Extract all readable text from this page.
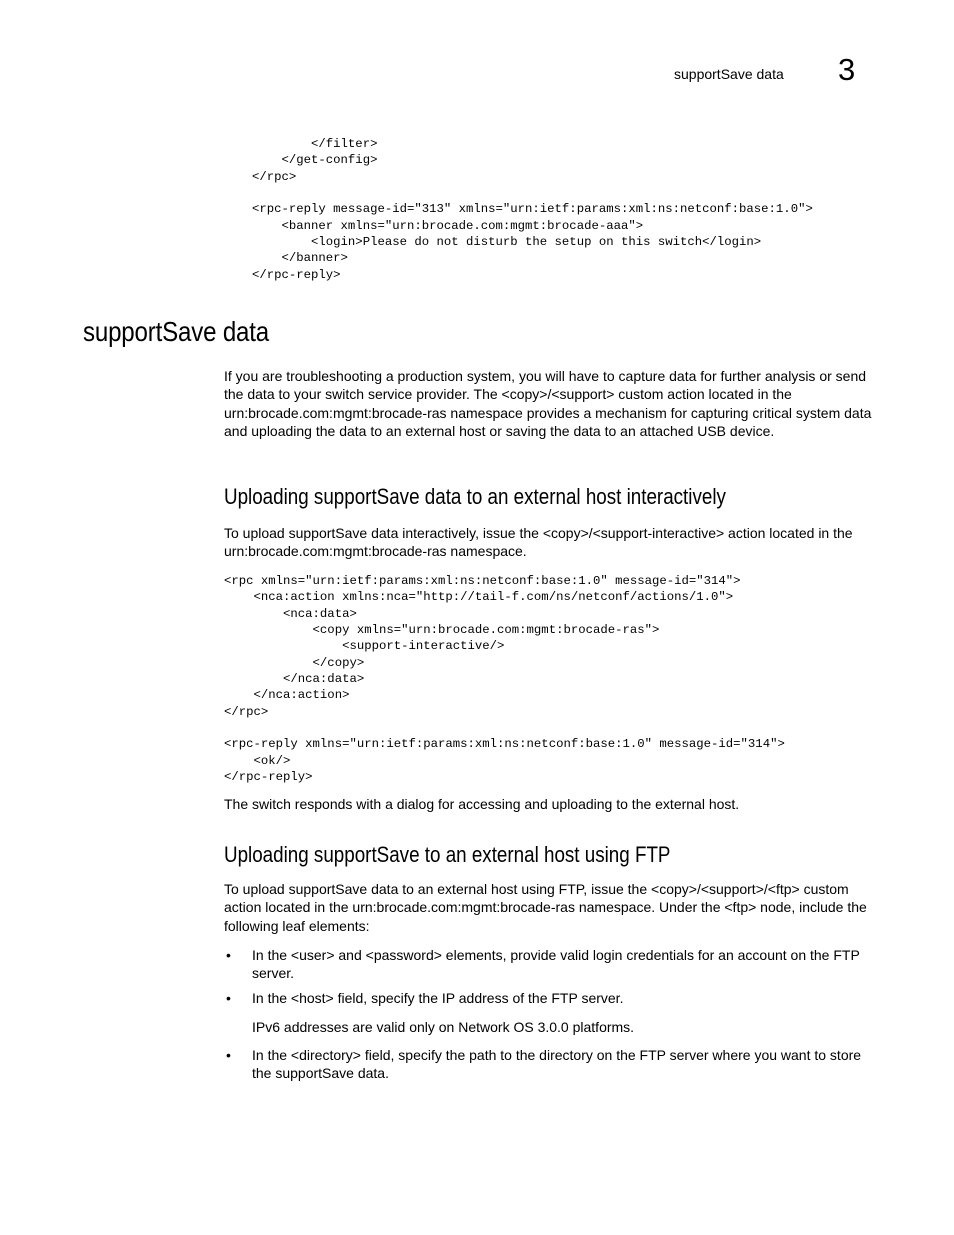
supportSave data 3
</filter>
</get-config>
</rpc>

<rpc-reply message-id="313" xmlns="urn:ietf:params:xml:ns:netconf:base:1.0">
<banner xmlns="urn:brocade.com:mgmt:brocade-aaa">
<login>Please do not disturb the setup on this switch</login>
</banner>
</rpc-reply>
supportSave data

If you are troubleshooting a production system, you will have to capture data for further analysis or send the data to your switch service provider. The <copy>/<support> custom action located in the urn:brocade.com:mgmt:brocade-ras namespace provides a mechanism for capturing critical system data and uploading the data to an external host or saving the data to an attached USB device.

Uploading supportSave data to an external host interactively

To upload supportSave data interactively, issue the <copy>/<support-interactive> action located in the urn:brocade.com:mgmt:brocade-ras namespace.

<rpc xmlns="urn:ietf:params:xml:ns:netconf:base:1.0" message-id="314">
<nca:action xmlns:nca="http://tail-f.com/ns/netconf/actions/1.0">
<nca:data>
<copy xmlns="urn:brocade.com:mgmt:brocade-ras">
<support-interactive/>
</copy>
</nca:data>
</nca:action>
</rpc>

<rpc-reply xmlns="urn:ietf:params:xml:ns:netconf:base:1.0" message-id="314">
<ok/>
</rpc-reply>

The switch responds with a dialog for accessing and uploading to the external host.

Uploading supportSave to an external host using FTP

To upload supportSave data to an external host using FTP, issue the <copy>/<support>/<ftp> custom action located in the urn:brocade.com:mgmt:brocade-ras namespace. Under the <ftp> node, include the following leaf elements:

• In the <user> and <password> elements, provide valid login credentials for an account on the FTP server.
• In the <host> field, specify the IP address of the FTP server.

IPv6 addresses are valid only on Network OS 3.0.0 platforms.

• In the <directory> field, specify the path to the directory on the FTP server where you want to store the supportSave data.
